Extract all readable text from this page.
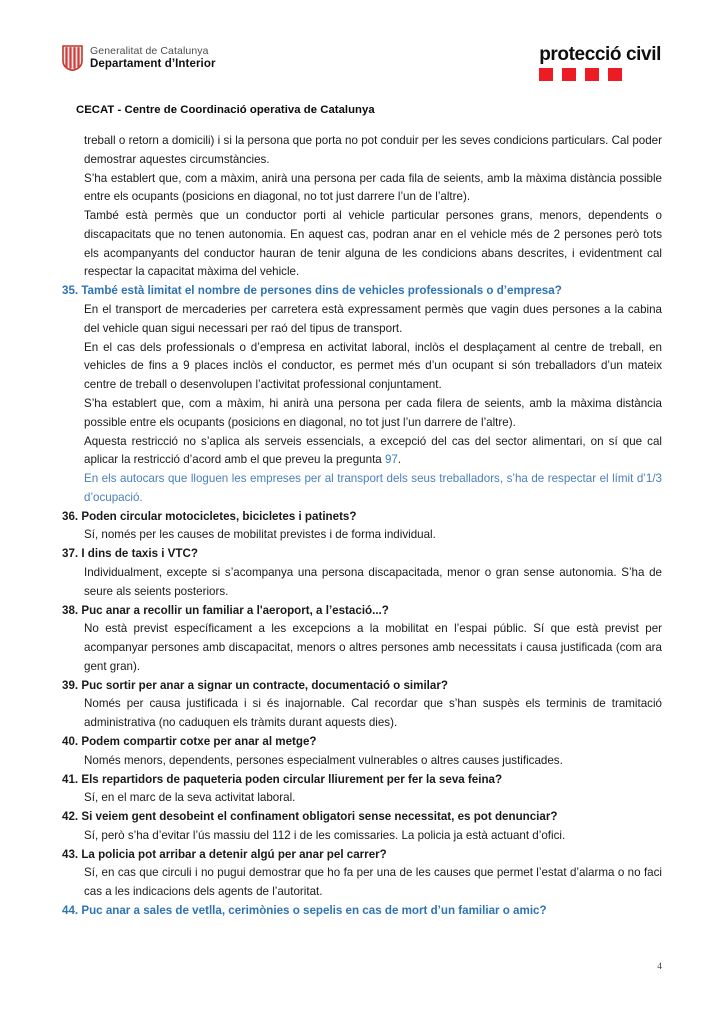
Generalitat de Catalunya
Departament d’Interior	protecció civil
CECAT - Centre de Coordinació operativa de Catalunya

treball o retorn a domicili) i si la persona que porta no pot conduir per les seves condicions particulars. Cal poder demostrar aquestes circumstàncies.

S’ha establert que, com a màxim, anirà una persona per cada fila de seients, amb la màxima distància possible entre els ocupants (posicions en diagonal, no tot just darrere l’un de l’altre).

També està permès que un conductor porti al vehicle particular persones grans, menors, dependents o discapacitats que no tenen autonomia. En aquest cas, podran anar en el vehicle més de 2 persones però tots els acompanyants del conductor hauran de tenir alguna de les condicions abans descrites, i evidentment cal respectar la capacitat màxima del vehicle.

35. També està limitat el nombre de persones dins de vehicles professionals o d’empresa?

En el transport de mercaderies per carretera està expressament permès que vagin dues persones a la cabina del vehicle quan sigui necessari per raó del tipus de transport.

En el cas dels professionals o d’empresa en activitat laboral, inclòs el desplaçament al centre de treball, en vehicles de fins a 9 places inclòs el conductor, es permet més d’un ocupant si són treballadors d’un mateix centre de treball o desenvolupen l’activitat professional conjuntament.

S’ha establert que, com a màxim, hi anirà una persona per cada filera de seients, amb la màxima distància possible entre els ocupants (posicions en diagonal, no tot just l’un darrere de l’altre).

Aquesta restricció no s’aplica als serveis essencials, a excepció del cas del sector alimentari, on sí que cal aplicar la restricció d’acord amb el que preveu la pregunta 97.

En els autocars que lloguen les empreses per al transport dels seus treballadors, s’ha de respectar el límit d’1/3 d’ocupació.

36. Poden circular motocicletes, bicicletes i patinets?

Sí, només per les causes de mobilitat previstes i de forma individual.

37. I dins de taxis i VTC?

Individualment, excepte si s’acompanya una persona discapacitada, menor o gran sense autonomia. S’ha de seure als seients posteriors.

38. Puc anar a recollir un familiar a l'aeroport, a l’estació...?

No està previst específicament a les excepcions a la mobilitat en l’espai públic. Sí que està previst per acompanyar persones amb discapacitat, menors o altres persones amb necessitats i causa justificada (com ara gent gran).

39. Puc sortir per anar a signar un contracte, documentació o similar?

Només per causa justificada i si és inajornable. Cal recordar que s’han suspès els terminis de tramitació administrativa (no caduquen els tràmits durant aquests dies).

40. Podem compartir cotxe per anar al metge?

Només menors, dependents, persones especialment vulnerables o altres causes justificades.

41. Els repartidors de paqueteria poden circular lliurement per fer la seva feina?

Sí, en el marc de la seva activitat laboral.

42. Si veiem gent desobeint el confinament obligatori sense necessitat, es pot denunciar?

Sí, però s’ha d’evitar l’ús massiu del 112 i de les comissaries. La policia ja està actuant d’ofici.

43. La policia pot arribar a detenir algú per anar pel carrer?

Sí, en cas que circuli i no pugui demostrar que ho fa per una de les causes que permet l’estat d’alarma o no faci cas a les indicacions dels agents de l’autoritat.

44. Puc anar a sales de vetlla, cerimònies o sepelis en cas de mort d’un familiar o amic?

4
